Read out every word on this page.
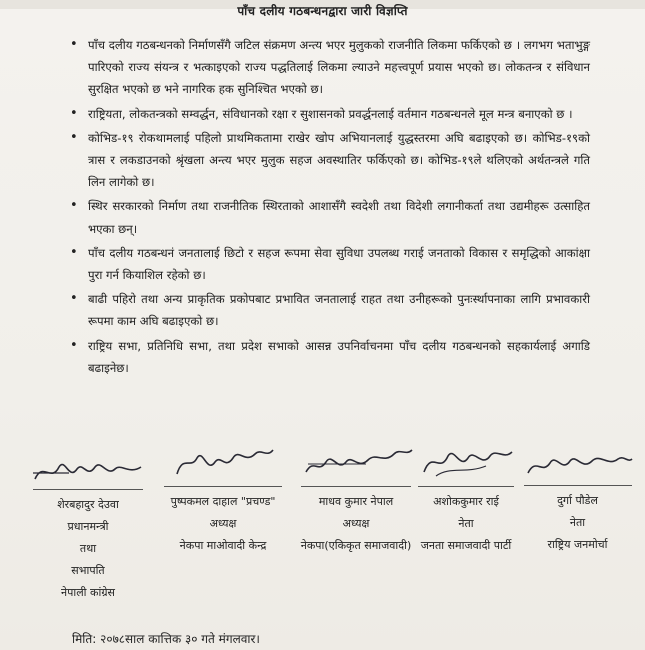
पाँच दलीय गठबन्धनद्वारा जारी विज्ञप्ति
• पाँच दलीय गठबन्धनको निर्माणसँगै जटिल संक्रमण अन्त्य भएर मुलुकको राजनीति लिकमा फर्किएको छ । लगभग भताभुङ्ग पारिएको राज्य संयन्त्र र भत्काइएको राज्य पद्धतिलाई लिकमा ल्याउने महत्त्वपूर्ण प्रयास भएको छ। लोकतन्त्र र संविधान सुरक्षित भएको छ भने नागरिक हक सुनिश्चित भएको छ।
• राष्ट्रियता, लोकतन्त्रको सम्वर्द्धन, संविधानको रक्षा र सुशासनको प्रवर्द्धनलाई वर्तमान गठबन्धनले मूल मन्त्र बनाएको छ ।
• कोभिड-१९ रोकथामलाई पहिलो प्राथमिकतामा राखेर खोप अभियानलाई युद्धस्तरमा अघि बढाइएको छ। कोभिड-१९को त्रास र लकडाउनको श्रृंखला अन्त्य भएर मुलुक सहज अवस्थातिर फर्किएको छ। कोभिड-१९ले थलिएको अर्थतन्त्रले गति लिन लागेको छ।
• स्थिर सरकारको निर्माण तथा राजनीतिक स्थिरताको आशासँगै स्वदेशी तथा विदेशी लगानीकर्ता तथा उद्यमीहरू उत्साहित भएका छन्।
• पाँच दलीय गठबन्धनं जनतालाई छिटो र सहज रूपमा सेवा सुविधा उपलब्ध गराई जनताको विकास र समृद्धिको आकांक्षा पुरा गर्न कियाशिल रहेको छ।
• बाढी पहिरो तथा अन्य प्राकृतिक प्रकोपबाट प्रभावित जनतालाई राहत तथा उनीहरूको पुनःर्स्थापनाका लागि प्रभावकारी रूपमा काम अघि बढाइएको छ।
• राष्ट्रिय सभा, प्रतिनिधि सभा, तथा प्रदेश सभाको आसन्न उपनिर्वाचनमा पाँच दलीय गठबन्धनको सहकार्यलाई अगाडि बढाइनेछ।
शेरबहादुर देउवा
प्रधानमन्त्री
तथा
सभापति
नेपाली कांग्रेस
पुष्पकमल दाहाल "प्रचण्ड"
अध्यक्ष
नेकपा माओवादी केन्द्र
माधव कुमार नेपाल
अध्यक्ष
नेकपा(एकिकृत समाजवादी)
अशोककुमार राई
नेता
जनता समाजवादी पार्टी
दुर्गा पौडेल
नेता
राष्ट्रिय जनमोर्चा
मिति: २०७८साल कात्तिक ३० गते मंगलवार।
